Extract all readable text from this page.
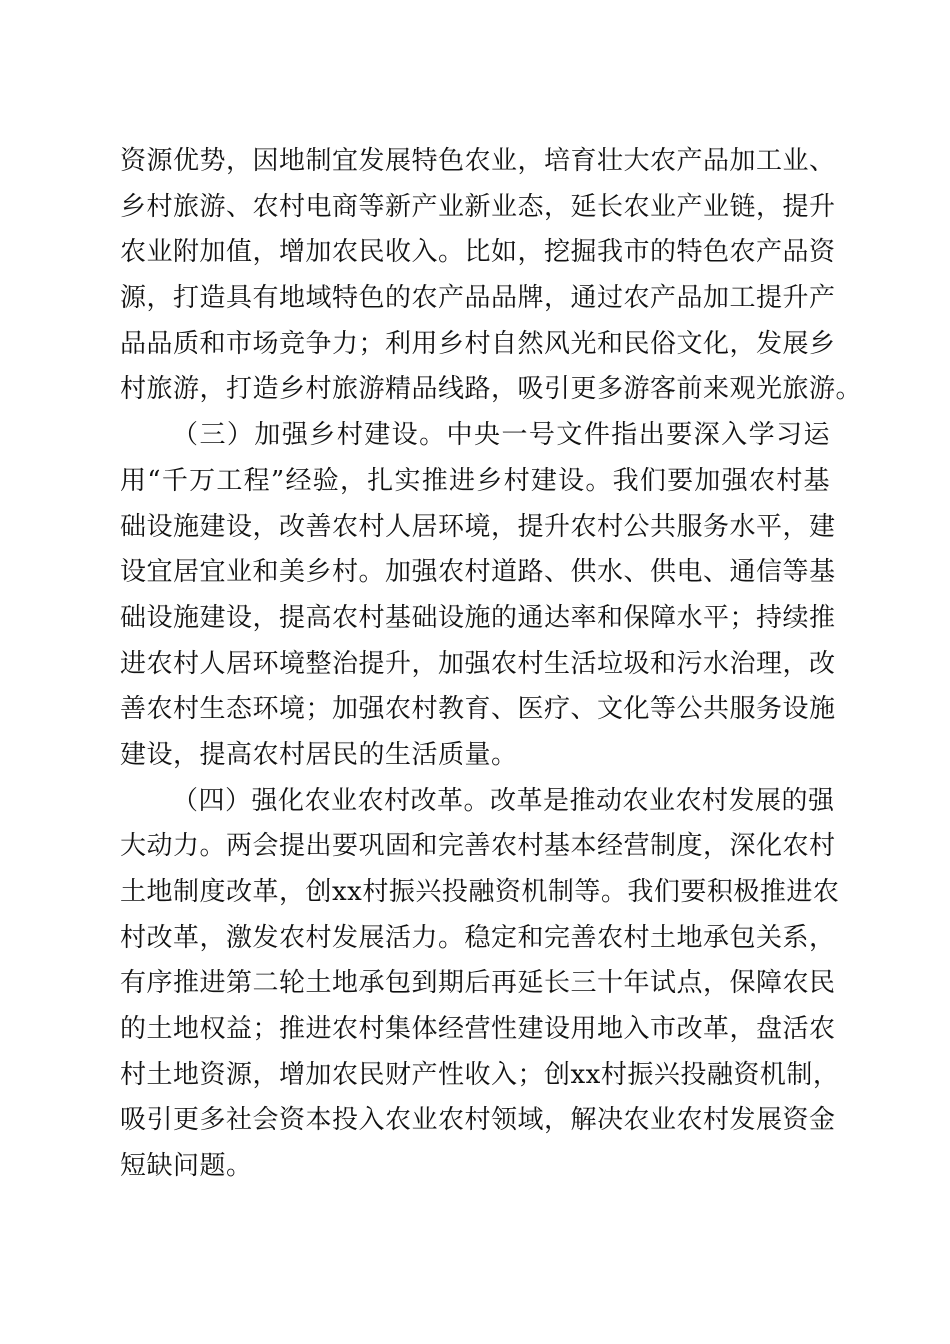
资源优势，因地制宜发展特色农业，培育壮大农产品加工业、
乡村旅游、农村电商等新产业新业态，延长农业产业链，提升
农业附加值，增加农民收入。比如，挖掘我市的特色农产品资
源，打造具有地域特色的农产品品牌，通过农产品加工提升产
品品质和市场竞争力；利用乡村自然风光和民俗文化，发展乡
村旅游，打造乡村旅游精品线路，吸引更多游客前来观光旅游。
（三）加强乡村建设。中央一号文件指出要深入学习运
用“千万工程”经验，扎实推进乡村建设。我们要加强农村基
础设施建设，改善农村人居环境，提升农村公共服务水平，建
设宜居宜业和美乡村。加强农村道路、供水、供电、通信等基
础设施建设，提高农村基础设施的通达率和保障水平；持续推
进农村人居环境整治提升，加强农村生活垃圾和污水治理，改
善农村生态环境；加强农村教育、医疗、文化等公共服务设施
建设，提高农村居民的生活质量。
（四）强化农业农村改革。改革是推动农业农村发展的强
大动力。两会提出要巩固和完善农村基本经营制度，深化农村
土地制度改革，创xx村振兴投融资机制等。我们要积极推进农
村改革，激发农村发展活力。稳定和完善农村土地承包关系，
有序推进第二轮土地承包到期后再延长三十年试点，保障农民
的土地权益；推进农村集体经营性建设用地入市改革，盘活农
村土地资源，增加农民财产性收入；创xx村振兴投融资机制，
吸引更多社会资本投入农业农村领域，解决农业农村发展资金
短缺问题。
